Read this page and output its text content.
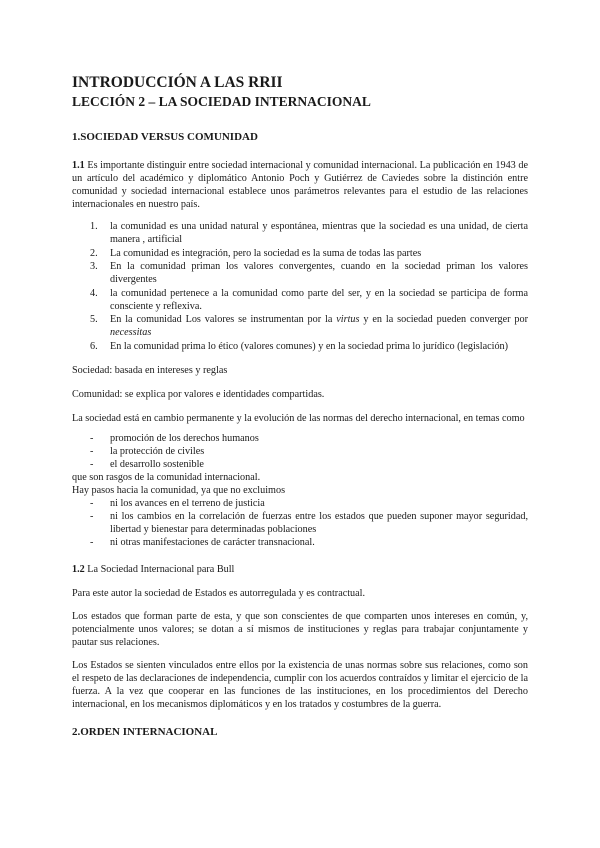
INTRODUCCIÓN A LAS RRII
LECCIÓN 2 – LA SOCIEDAD INTERNACIONAL
1.SOCIEDAD VERSUS COMUNIDAD

1.1 Es importante distinguir entre sociedad internacional y comunidad internacional. La publicación en 1943 de un artículo del académico y diplomático Antonio Poch y Gutiérrez de Caviedes sobre la distinción entre comunidad y sociedad internacional establece unos parámetros relevantes para el estudio de las relaciones internacionales en nuestro país.

1. la comunidad es una unidad natural y espontánea, mientras que la sociedad es una unidad, de cierta manera , artificial
2. La comunidad es integración, pero la sociedad es la suma de todas las partes
3. En la comunidad priman los valores convergentes, cuando en la sociedad priman los valores divergentes
4. la comunidad pertenece a la comunidad como parte del ser, y en la sociedad se participa de forma consciente y reflexiva.
5. En la comunidad Los valores se instrumentan por la virtus y en la sociedad pueden converger por necessitas
6. En la comunidad prima lo ético (valores comunes) y en la sociedad prima lo jurídico (legislación)

Sociedad: basada en intereses y reglas

Comunidad: se explica por valores e identidades compartidas.

La sociedad está en cambio permanente y la evolución de las normas del derecho internacional, en temas como

- promoción de los derechos humanos
- la protección de civiles
- el desarrollo sostenible
que son rasgos de la comunidad internacional.
Hay pasos hacia la comunidad, ya que no excluimos
- ni los avances en el terreno de justicia
- ni los cambios en la correlación de fuerzas entre los estados que pueden suponer mayor seguridad, libertad y bienestar para determinadas poblaciones
- ni otras manifestaciones de carácter transnacional.
1.2 La Sociedad Internacional para Bull

Para este autor la sociedad de Estados es autorregulada y es contractual.

Los estados que forman parte de esta, y que son conscientes de que comparten unos intereses en común, y, potencialmente unos valores; se dotan a sí mismos de instituciones y reglas para trabajar conjuntamente y pautar sus relaciones.

Los Estados se sienten vinculados entre ellos por la existencia de unas normas sobre sus relaciones, como son el respeto de las declaraciones de independencia, cumplir con los acuerdos contraídos y limitar el ejercicio de la fuerza. A la vez que cooperar en las funciones de las instituciones, en los procedimientos del Derecho internacional, en los mecanismos diplomáticos y en los tratados y costumbres de la guerra.

2.ORDEN INTERNACIONAL
